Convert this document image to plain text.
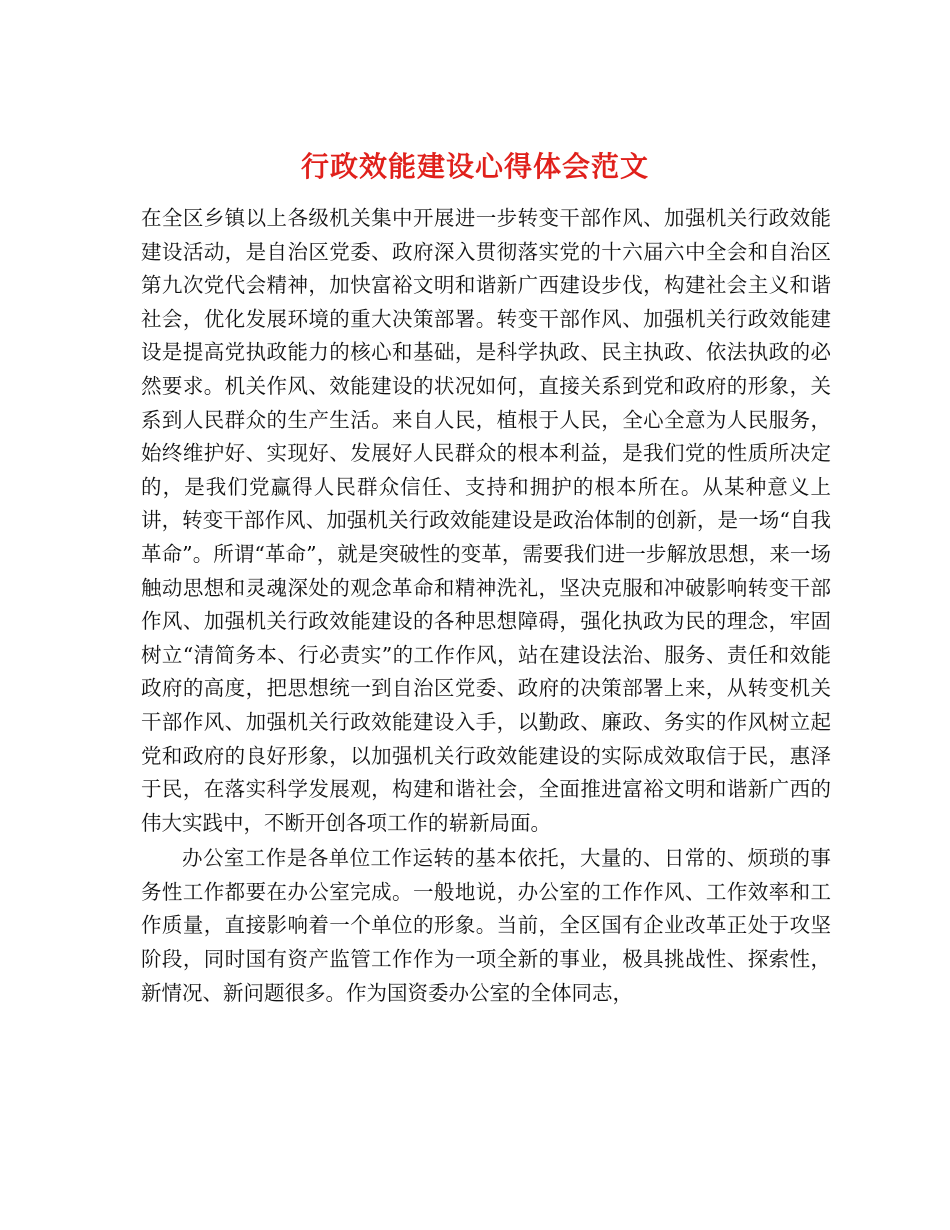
行政效能建设心得体会范文

在全区乡镇以上各级机关集中开展进一步转变干部作风、加强机关行政效能建设活动，是自治区党委、政府深入贯彻落实党的十六届六中全会和自治区第九次党代会精神，加快富裕文明和谐新广西建设步伐，构建社会主义和谐社会，优化发展环境的重大决策部署。转变干部作风、加强机关行政效能建设是提高党执政能力的核心和基础，是科学执政、民主执政、依法执政的必然要求。机关作风、效能建设的状况如何，直接关系到党和政府的形象，关系到人民群众的生产生活。来自人民，植根于人民，全心全意为人民服务，始终维护好、实现好、发展好人民群众的根本利益，是我们党的性质所决定的，是我们党赢得人民群众信任、支持和拥护的根本所在。从某种意义上讲，转变干部作风、加强机关行政效能建设是政治体制的创新，是一场“自我革命”。所谓“革命”，就是突破性的变革，需要我们进一步解放思想，来一场触动思想和灵魂深处的观念革命和精神洗礼，坚决克服和冲破影响转变干部作风、加强机关行政效能建设的各种思想障碍，强化执政为民的理念，牢固树立“清简务本、行必责实”的工作作风，站在建设法治、服务、责任和效能政府的高度，把思想统一到自治区党委、政府的决策部署上来，从转变机关干部作风、加强机关行政效能建设入手，以勤政、廉政、务实的作风树立起党和政府的良好形象，以加强机关行政效能建设的实际成效取信于民，惠泽于民，在落实科学发展观，构建和谐社会，全面推进富裕文明和谐新广西的伟大实践中，不断开创各项工作的崭新局面。

办公室工作是各单位工作运转的基本依托，大量的、日常的、烦琐的事务性工作都要在办公室完成。一般地说，办公室的工作作风、工作效率和工作质量，直接影响着一个单位的形象。当前，全区国有企业改革正处于攻坚阶段，同时国有资产监管工作作为一项全新的事业，极具挑战性、探索性，新情况、新问题很多。作为国资委办公室的全体同志，
